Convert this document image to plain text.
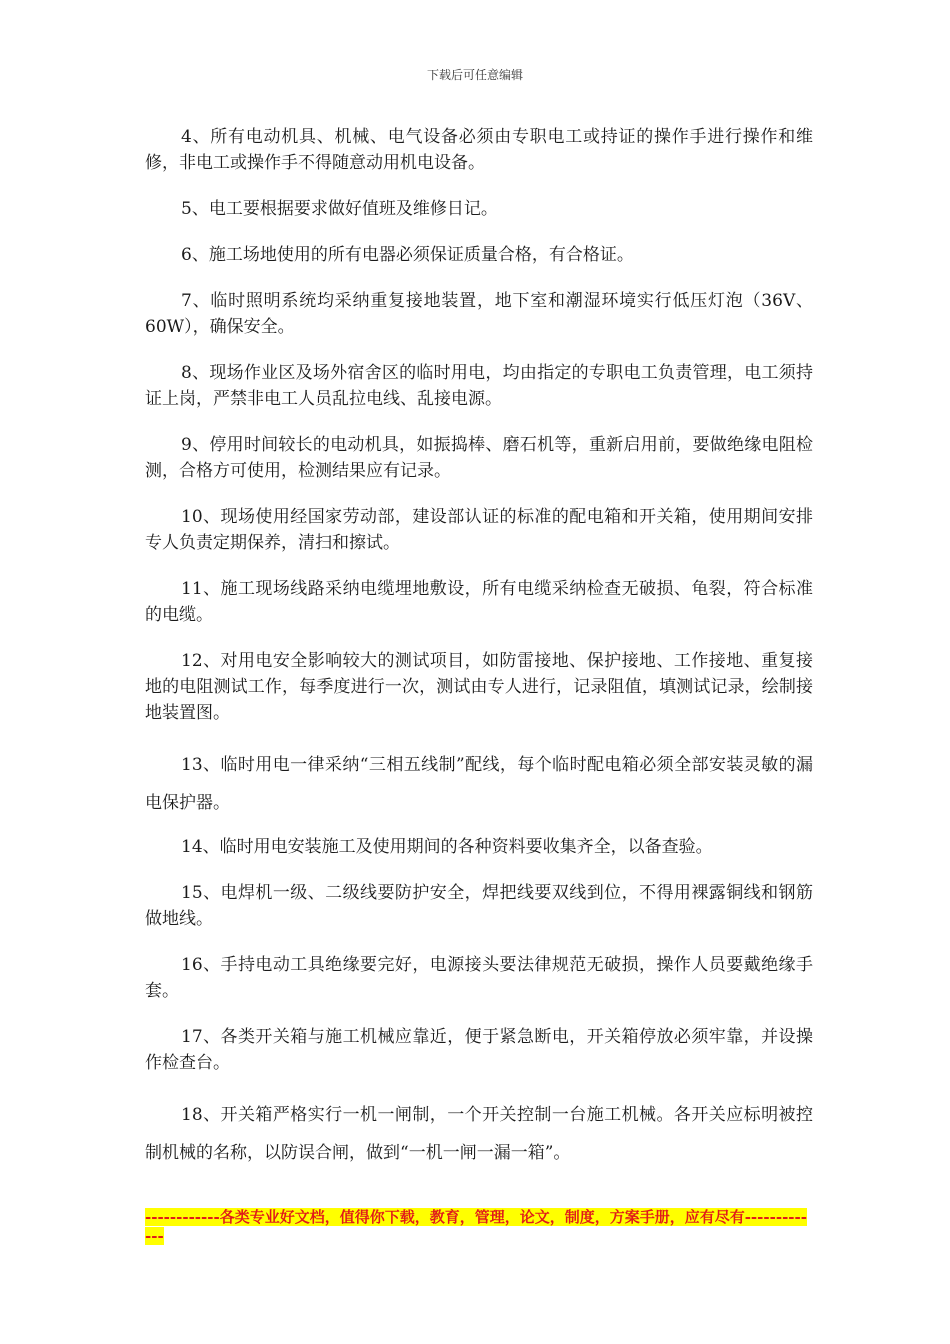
下载后可任意编辑

4、所有电动机具、机械、电气设备必须由专职电工或持证的操作手进行操作和维修，非电工或操作手不得随意动用机电设备。

5、电工要根据要求做好值班及维修日记。

6、施工场地使用的所有电器必须保证质量合格，有合格证。

7、临时照明系统均采纳重复接地装置，地下室和潮湿环境实行低压灯泡（36V、60W），确保安全。

8、现场作业区及场外宿舍区的临时用电，均由指定的专职电工负责管理，电工须持证上岗，严禁非电工人员乱拉电线、乱接电源。

9、停用时间较长的电动机具，如振捣棒、磨石机等，重新启用前，要做绝缘电阻检测，合格方可使用，检测结果应有记录。

10、现场使用经国家劳动部，建设部认证的标准的配电箱和开关箱，使用期间安排专人负责定期保养，清扫和擦试。

11、施工现场线路采纳电缆埋地敷设，所有电缆采纳检查无破损、龟裂，符合标准的电缆。

12、对用电安全影响较大的测试项目，如防雷接地、保护接地、工作接地、重复接地的电阻测试工作，每季度进行一次，测试由专人进行，记录阻值，填测试记录，绘制接地装置图。

13、临时用电一律采纳“三相五线制”配线，每个临时配电箱必须全部安装灵敏的漏电保护器。

14、临时用电安装施工及使用期间的各种资料要收集齐全，以备查验。

15、电焊机一级、二级线要防护安全，焊把线要双线到位，不得用裸露铜线和钢筋做地线。

16、手持电动工具绝缘要完好，电源接头要法律规范无破损，操作人员要戴绝缘手套。

17、各类开关箱与施工机械应靠近，便于紧急断电，开关箱停放必须牢靠，并设操作检查台。

18、开关箱严格实行一机一闸制，一个开关控制一台施工机械。各开关应标明被控制机械的名称，以防误合闸，做到“一机一闸一漏一箱”。

------------各类专业好文档，值得你下载，教育，管理，论文，制度，方案手册，应有尽有-------------
